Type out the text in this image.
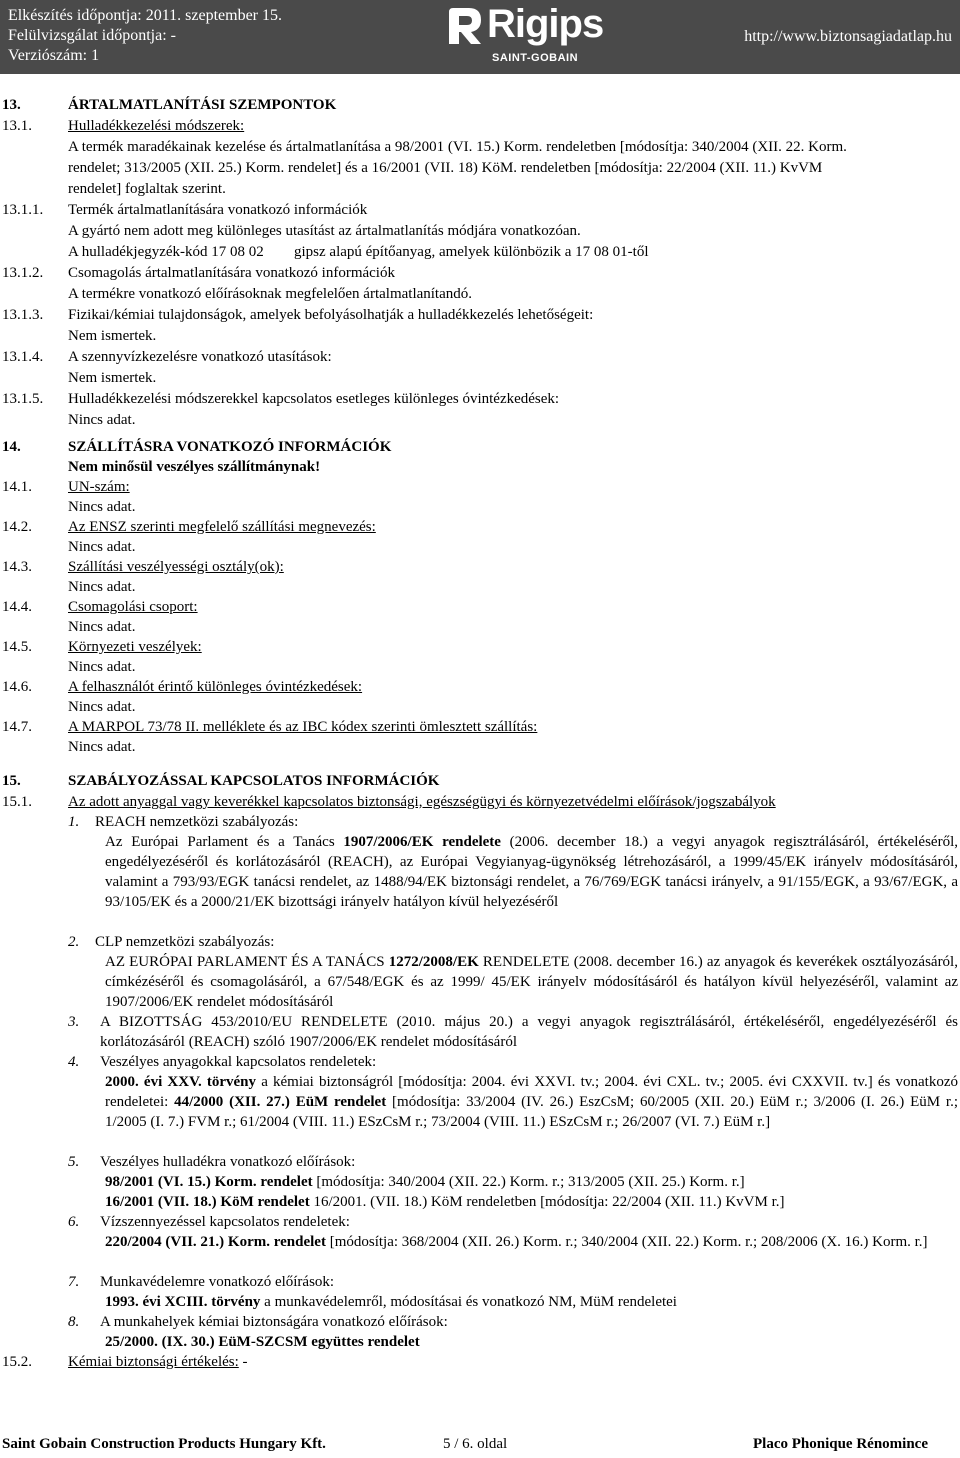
Elkészítés időpontja: 2011. szeptember 15.
Felülvizsgálat időpontja: -
Verziószám: 1
Rigips
SAINT-GOBAIN
http://www.biztonsagiadatlap.hu
13.	ÁRTALMATLANÍTÁSI SZEMPONTOK
13.1. Hulladékkezelési módszerek:
A termék maradékainak kezelése és ártalmatlanítása a 98/2001 (VI. 15.) Korm. rendeletben [módosítja: 340/2004 (XII. 22. Korm.
rendelet; 313/2005 (XII. 25.) Korm. rendelet] és a 16/2001 (VII. 18) KöM. rendeletben [módosítja: 22/2004 (XII. 11.) KvVM
rendelet] foglaltak szerint.
13.1.1. Termék ártalmatlanítására vonatkozó információk
A gyártó nem adott meg különleges utasítást az ártalmatlanítás módjára vonatkozóan.
A hulladékjegyzék-kód 17 08 02 gipsz alapú építőanyag, amelyek különbözik a 17 08 01-től
13.1.2. Csomagolás ártalmatlanítására vonatkozó információk
A termékre vonatkozó előírásoknak megfelelően ártalmatlanítandó.
13.1.3. Fizikai/kémiai tulajdonságok, amelyek befolyásolhatják a hulladékkezelés lehetőségeit:
Nem ismertek.
13.1.4. A szennyvízkezelésre vonatkozó utasítások:
Nem ismertek.
13.1.5. Hulladékkezelési módszerekkel kapcsolatos esetleges különleges óvintézkedések:
Nincs adat.
14.	SZÁLLÍTÁSRA VONATKOZÓ INFORMÁCIÓK
Nem minősül veszélyes szállítmánynak!
14.1. UN-szám:
Nincs adat.
14.2. Az ENSZ szerinti megfelelő szállítási megnevezés:
Nincs adat.
14.3. Szállítási veszélyességi osztály(ok):
Nincs adat.
14.4. Csomagolási csoport:
Nincs adat.
14.5. Környezeti veszélyek:
Nincs adat.
14.6. A felhasználót érintő különleges óvintézkedések:
Nincs adat.
14.7. A MARPOL 73/78 II. melléklete és az IBC kódex szerinti ömlesztett szállítás:
Nincs adat.
15.	SZABÁLYOZÁSSAL KAPCSOLATOS INFORMÁCIÓK
15.1. Az adott anyaggal vagy keverékkel kapcsolatos biztonsági, egészségügyi és környezetvédelmi előírások/jogszabályok
1. REACH nemzetközi szabályozás:
Az Európai Parlament és a Tanács 1907/2006/EK rendelete (2006. december 18.) a vegyi anyagok regisztrálásáról, értékeléséről, engedélyezéséről és korlátozásáról (REACH), az Európai Vegyianyag-ügynökség létrehozásáról, a 1999/45/EK irányelv módosításáról, valamint a 793/93/EGK tanácsi rendelet, az 1488/94/EK biztonsági rendelet, a 76/769/EGK tanácsi irányelv, a 91/155/EGK, a 93/67/EGK, a 93/105/EK és a 2000/21/EK bizottsági irányelv hatályon kívül helyezéséről
2. CLP nemzetközi szabályozás:
AZ EURÓPAI PARLAMENT ÉS A TANÁCS 1272/2008/EK RENDELETE (2008. december 16.) az anyagok és keverékek osztályozásáról, címkézéséről és csomagolásáról, a 67/548/EGK és az 1999/ 45/EK irányelv módosításáról és hatályon kívül helyezéséről, valamint az 1907/2006/EK rendelet módosításáról
3. A BIZOTTSÁG 453/2010/EU RENDELETE (2010. május 20.) a vegyi anyagok regisztrálásáról, értékeléséről, engedélyezéséről és korlátozásáról (REACH) szóló 1907/2006/EK rendelet módosításáról
4. Veszélyes anyagokkal kapcsolatos rendeletek:
2000. évi XXV. törvény a kémiai biztonságról [módosítja: 2004. évi XXVI. tv.; 2004. évi CXL. tv.; 2005. évi CXXVII. tv.] és vonatkozó rendeletei: 44/2000 (XII. 27.) EüM rendelet [módosítja: 33/2004 (IV. 26.) EszCsM; 60/2005 (XII. 20.) EüM r.; 3/2006 (I. 26.) EüM r.; 1/2005 (I. 7.) FVM r.; 61/2004 (VIII. 11.) ESzCsM r.; 73/2004 (VIII. 11.) ESzCsM r.; 26/2007 (VI. 7.) EüM r.]
5. Veszélyes hulladékra vonatkozó előírások:
98/2001 (VI. 15.) Korm. rendelet [módosítja: 340/2004 (XII. 22.) Korm. r.; 313/2005 (XII. 25.) Korm. r.]
16/2001 (VII. 18.) KöM rendelet 16/2001. (VII. 18.) KöM rendeletben [módosítja: 22/2004 (XII. 11.) KvVM r.]
6. Vízszennyezéssel kapcsolatos rendeletek:
220/2004 (VII. 21.) Korm. rendelet [módosítja: 368/2004 (XII. 26.) Korm. r.; 340/2004 (XII. 22.) Korm. r.; 208/2006 (X. 16.) Korm. r.]
7. Munkavédelemre vonatkozó előírások:
1993. évi XCIII. törvény a munkavédelemről, módosításai és vonatkozó NM, MüM rendeletei
8. A munkahelyek kémiai biztonságára vonatkozó előírások:
25/2000. (IX. 30.) EüM-SZCSM együttes rendelet
15.2. Kémiai biztonsági értékelés: -
Saint Gobain Construction Products Hungary Kft.	5 / 6. oldal	Placo Phonique Rénomince
